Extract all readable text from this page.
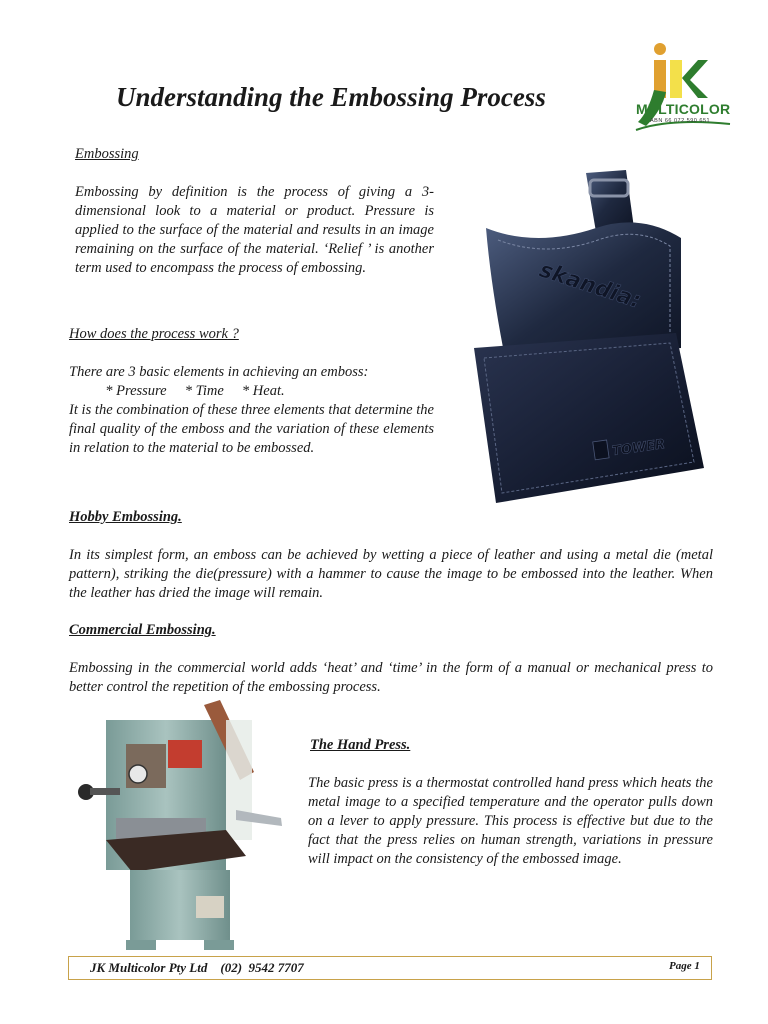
Understanding the Embossing Process	MULTICOLOR
ABN 66 072 590 651
Embossing

Embossing by definition is the process of giving a 3-dimensional look to a material or product. Pressure is applied to the surface of the material and results in an image remaining on the surface of the material. ‘Relief ’ is another term used to encompass the process of embossing.

How does the process work ?

There are 3 basic elements in achieving an emboss:

* Pressure     * Time     * Heat.

It is the combination of these three elements that determine the final quality of the emboss and the variation of these elements in relation to the material to be embossed.

skandia:
TOWER
Hobby Embossing.

In its simplest form, an emboss can be achieved by wetting a piece of leather and using a metal die (metal pattern), striking the die(pressure) with a hammer to cause the image to be embossed into the leather. When the leather has dried the image will remain.

Commercial Embossing.

Embossing in the commercial world adds ‘heat’ and ‘time’ in the form of a manual or mechanical press to better control the repetition of the embossing process.

The Hand Press.

The basic press is a thermostat controlled hand press which heats the metal image to a specified temperature and the operator pulls down on a lever to apply pressure. This process is effective but due to the fact that the press relies on human strength, variations in pressure will impact on the consistency of the embossed image.

JK Multicolor Pty Ltd    (02)  9542 7707	Page 1
